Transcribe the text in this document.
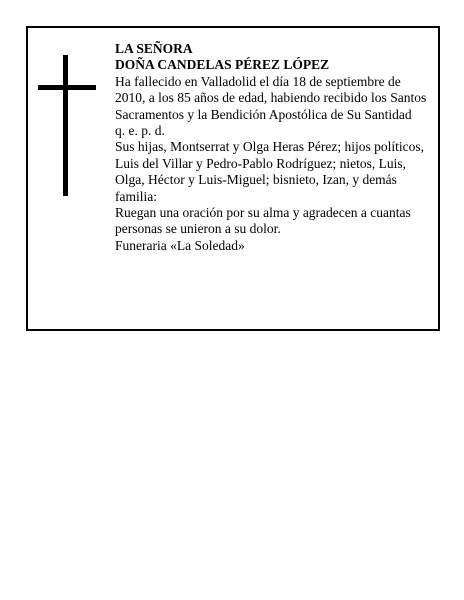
LA SEÑORA

DOÑA CANDELAS PÉREZ LÓPEZ

Ha fallecido en Valladolid el día 18 de septiembre de 2010, a los 85 años de edad, habiendo recibido los Santos Sacramentos y la Bendición Apostólica de Su Santidad

q. e. p. d.

Sus hijas, Montserrat y Olga Heras Pérez; hijos políticos, Luis del Villar y Pedro-Pablo Rodríguez; nietos, Luis, Olga, Héctor y Luis-Miguel; bisnieto, Izan, y demás familia:

Ruegan una oración por su alma y agradecen a cuantas personas se unieron a su dolor.

Funeraria «La Soledad»
